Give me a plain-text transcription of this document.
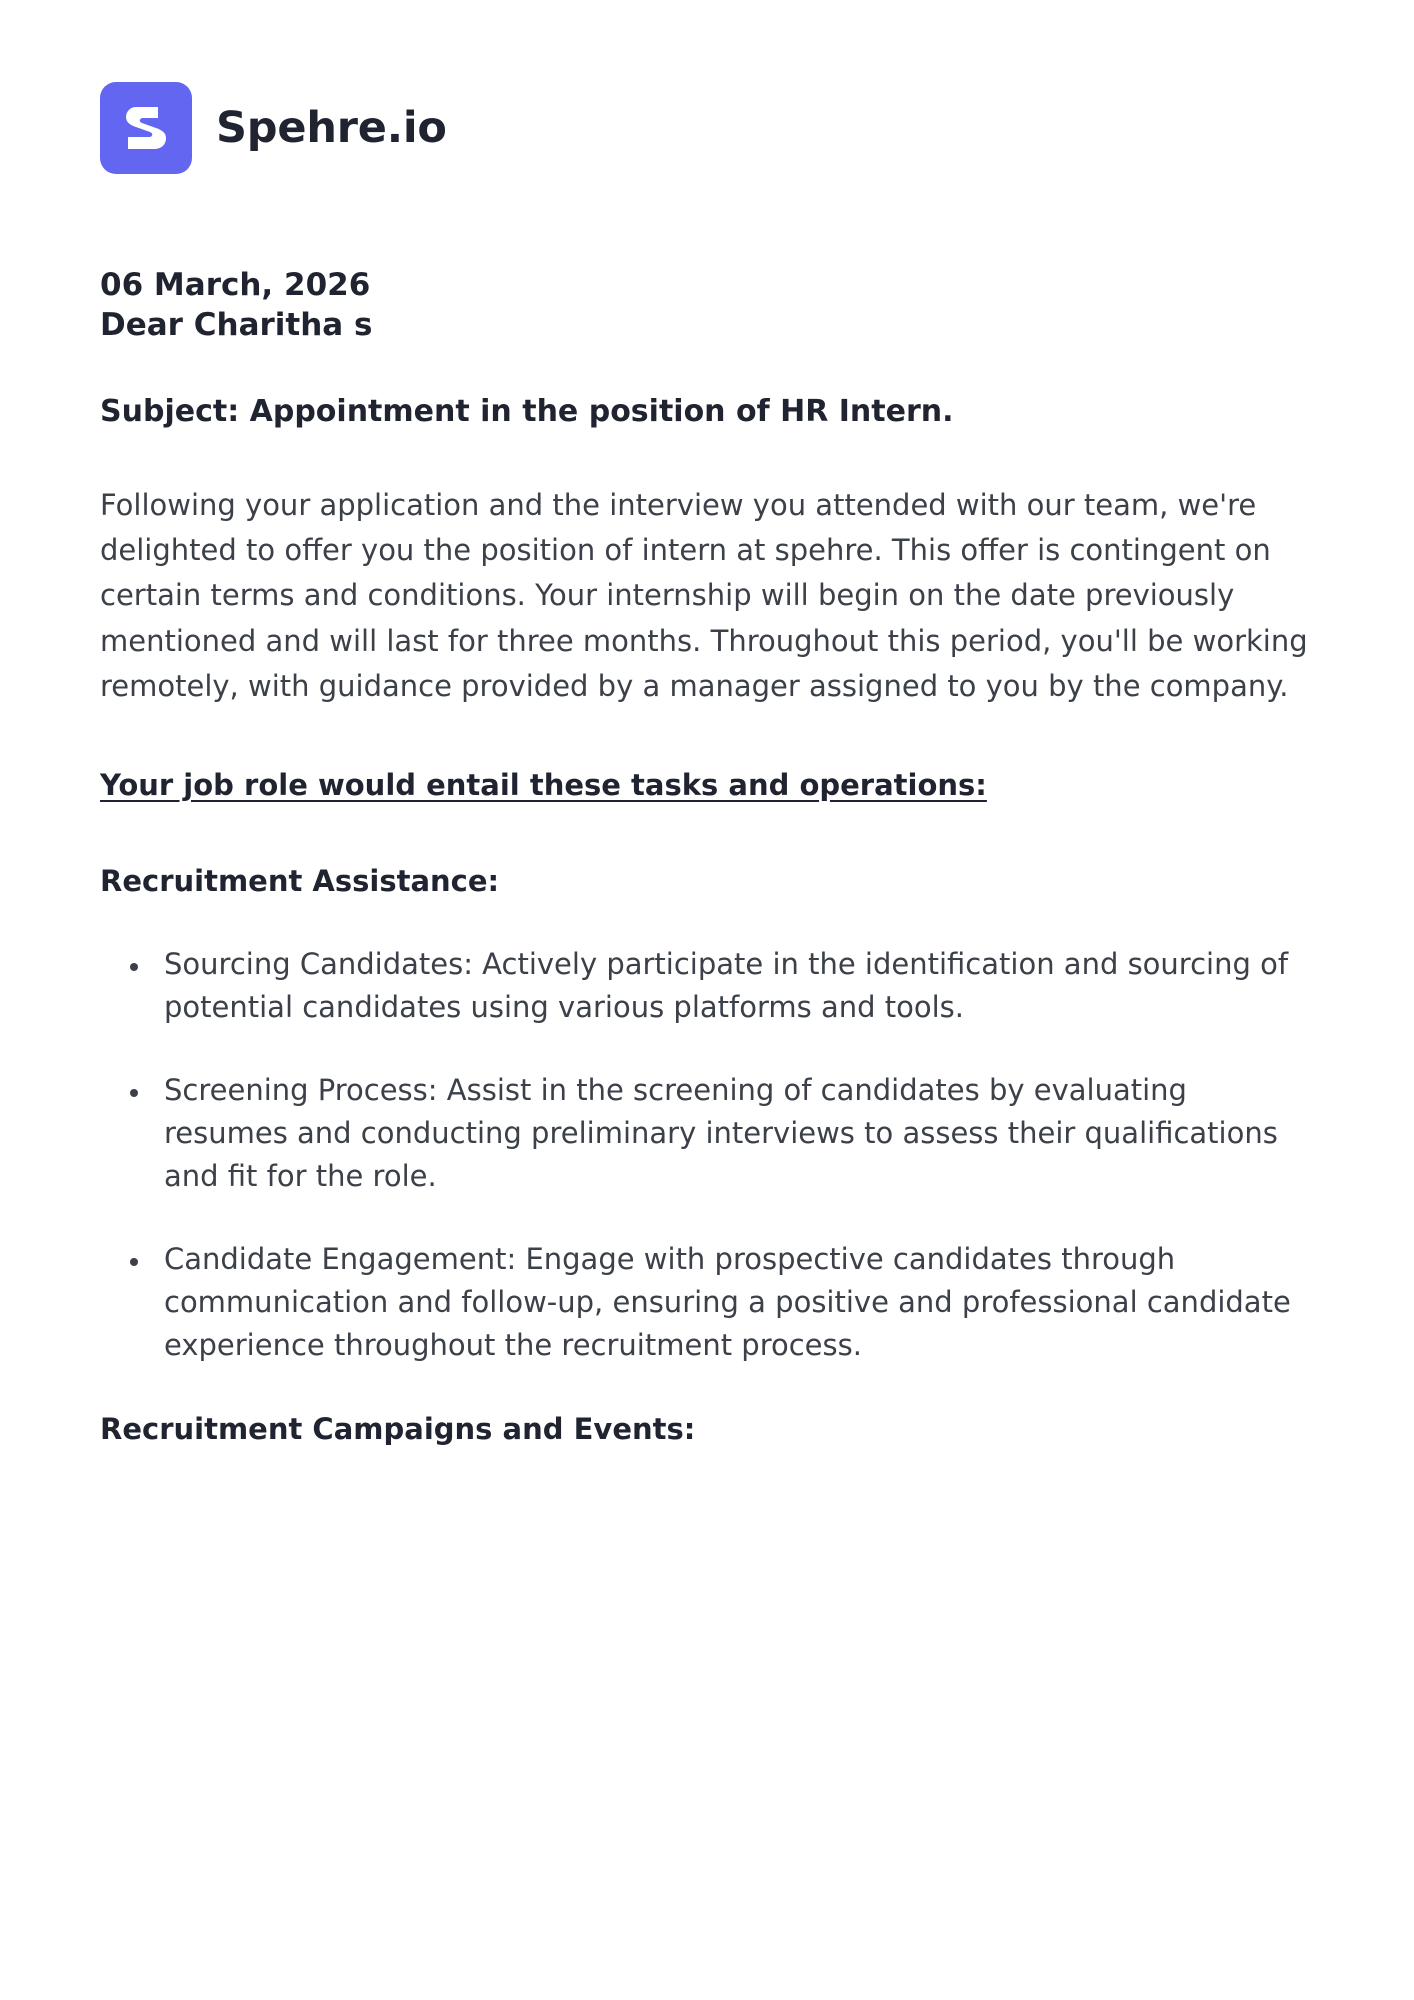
Spehre.io
06 March, 2026
Dear Charitha s
Subject: Appointment in the position of HR Intern.

Following your application and the interview you attended with our team, we're delighted to offer you the position of intern at spehre. This offer is contingent on certain terms and conditions. Your internship will begin on the date previously mentioned and will last for three months. Throughout this period, you'll be working remotely, with guidance provided by a manager assigned to you by the company.

Your job role would entail these tasks and operations:
Recruitment Assistance:
• Sourcing Candidates: Actively participate in the identification and sourcing of potential candidates using various platforms and tools.
• Screening Process: Assist in the screening of candidates by evaluating resumes and conducting preliminary interviews to assess their qualifications and fit for the role.
• Candidate Engagement: Engage with prospective candidates through communication and follow-up, ensuring a positive and professional candidate experience throughout the recruitment process.
Recruitment Campaigns and Events:
